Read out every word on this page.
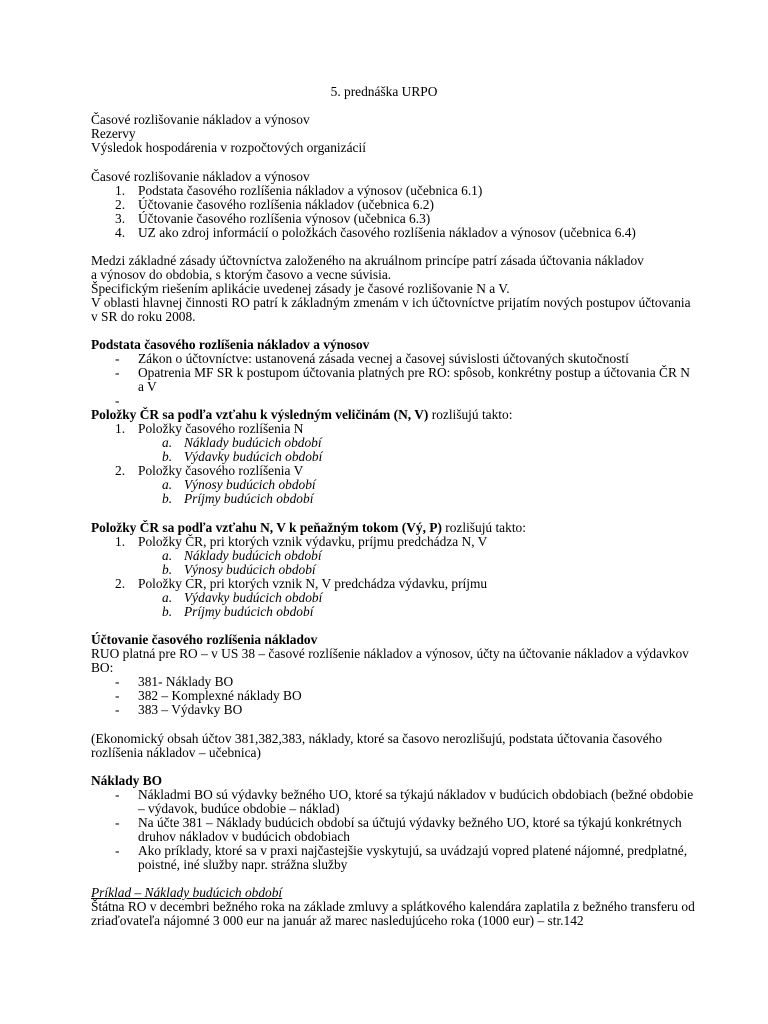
5. prednáška URPO
Časové rozlišovanie nákladov a výnosov
Rezervy
Výsledok hospodárenia v rozpočtových organizácií
Časové rozlišovanie nákladov a výnosov
1. Podstata časového rozlíšenia nákladov a výnosov (učebnica 6.1)
2. Účtovanie časového rozlíšenia nákladov (učebnica 6.2)
3. Účtovanie časového rozlíšenia výnosov (učebnica 6.3)
4. UZ ako zdroj informácií o položkách časového rozlíšenia nákladov a výnosov (učebnica 6.4)
Medzi základné zásady účtovníctva založeného na akruálnom princípe patrí zásada účtovania nákladov
a výnosov do obdobia, s ktorým časovo a vecne súvisia.
Špecifickým riešením aplikácie uvedenej zásady je časové rozlišovanie N a V.
V oblasti hlavnej činnosti RO patrí k základným zmenám v ich účtovníctve prijatím nových postupov účtovania
v SR do roku 2008.
Podstata časového rozlíšenia nákladov a výnosov
- Zákon o účtovníctve: ustanovená zásada vecnej a časovej súvislosti účtovaných skutočností
- Opatrenia MF SR k postupom účtovania platných pre RO: spôsob, konkrétny postup a účtovania ČR N
a V
-
Položky ČR sa podľa vzťahu k výsledným veličinám (N, V) rozlišujú takto:
1. Položky časového rozlíšenia N
a. Náklady budúcich období
b. Výdavky budúcich období
2. Položky časového rozlíšenia V
a. Výnosy budúcich období
b. Príjmy budúcich období
Položky ČR sa podľa vzťahu N, V k peňažným tokom (Vý, P) rozlišujú takto:
1. Položky ČR, pri ktorých vznik výdavku, príjmu predchádza N, V
a. Náklady budúcich období
b. Výnosy budúcich období
2. Položky CR, pri ktorých vznik N, V predchádza výdavku, príjmu
a. Výdavky budúcich období
b. Príjmy budúcich období
Účtovanie časového rozlíšenia nákladov
RUO platná pre RO – v US 38 – časové rozlíšenie nákladov a výnosov, účty na účtovanie nákladov a výdavkov
BO:
- 381- Náklady BO
- 382 – Komplexné náklady BO
- 383 – Výdavky BO
(Ekonomický obsah účtov 381,382,383, náklady, ktoré sa časovo nerozlišujú, podstata účtovania časového
rozlíšenia nákladov – učebnica)
Náklady BO
- Nákladmi BO sú výdavky bežného UO, ktoré sa týkajú nákladov v budúcich obdobiach (bežné obdobie
– výdavok, budúce obdobie – náklad)
- Na účte 381 – Náklady budúcich období sa účtujú výdavky bežného UO, ktoré sa týkajú konkrétnych
druhov nákladov v budúcich obdobiach
- Ako príklady, ktoré sa v praxi najčastejšie vyskytujú, sa uvádzajú vopred platené nájomné, predplatné,
poistné, iné služby napr. strážna služby
Príklad – Náklady budúcich období
Štátna RO v decembri bežného roka na základe zmluvy a splátkového kalendára zaplatila z bežného transferu od
zriaďovateľa nájomné 3 000 eur na január až marec nasledujúceho roka (1000 eur) – str.142
